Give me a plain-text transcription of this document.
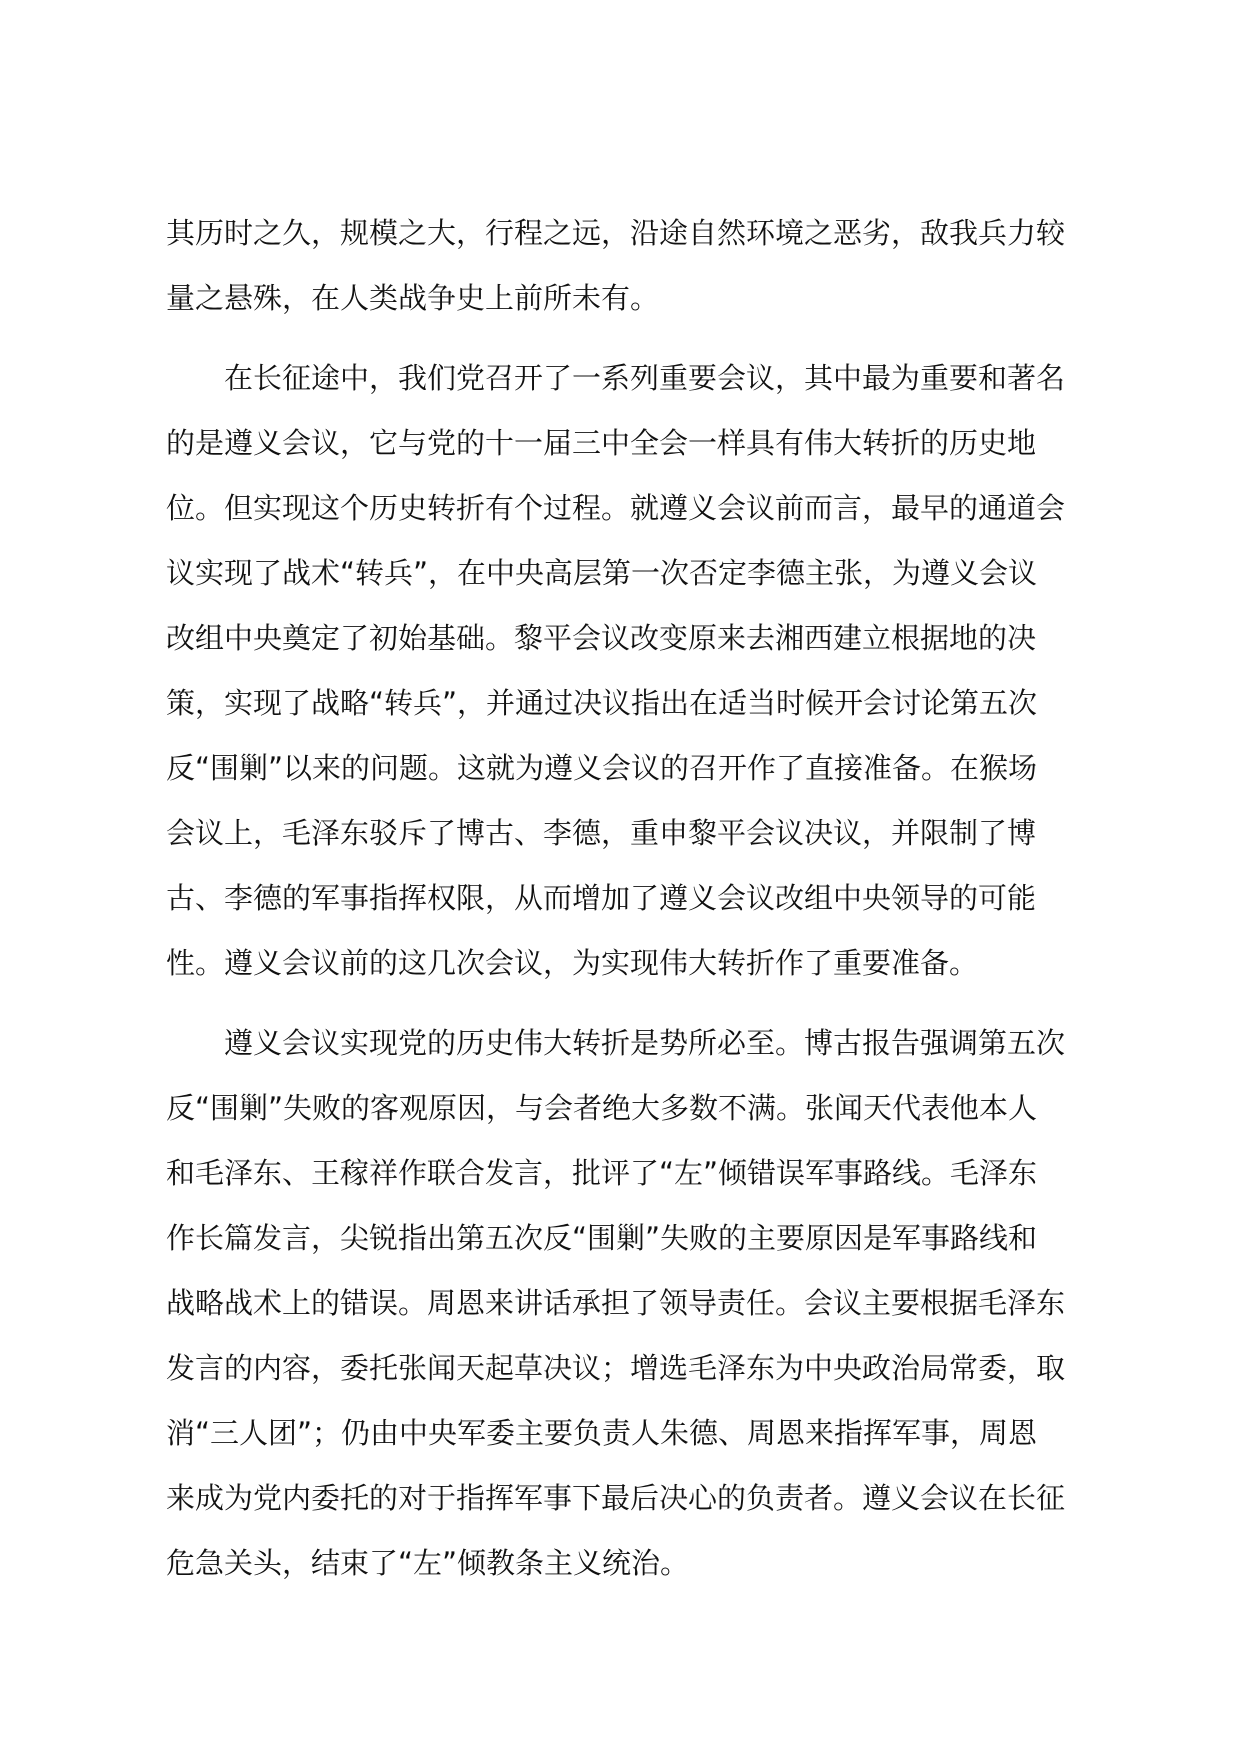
其历时之久，规模之大，行程之远，沿途自然环境之恶劣，敌我兵力较
量之悬殊，在人类战争史上前所未有。
在长征途中，我们党召开了一系列重要会议，其中最为重要和著名
的是遵义会议，它与党的十一届三中全会一样具有伟大转折的历史地
位。但实现这个历史转折有个过程。就遵义会议前而言，最早的通道会
议实现了战术“转兵”，在中央高层第一次否定李德主张，为遵义会议
改组中央奠定了初始基础。黎平会议改变原来去湘西建立根据地的决
策，实现了战略“转兵”，并通过决议指出在适当时候开会讨论第五次
反“围剿”以来的问题。这就为遵义会议的召开作了直接准备。在猴场
会议上，毛泽东驳斥了博古、李德，重申黎平会议决议，并限制了博
古、李德的军事指挥权限，从而增加了遵义会议改组中央领导的可能
性。遵义会议前的这几次会议，为实现伟大转折作了重要准备。
遵义会议实现党的历史伟大转折是势所必至。博古报告强调第五次
反“围剿”失败的客观原因，与会者绝大多数不满。张闻天代表他本人
和毛泽东、王稼祥作联合发言，批评了“左”倾错误军事路线。毛泽东
作长篇发言，尖锐指出第五次反“围剿”失败的主要原因是军事路线和
战略战术上的错误。周恩来讲话承担了领导责任。会议主要根据毛泽东
发言的内容，委托张闻天起草决议；增选毛泽东为中央政治局常委，取
消“三人团”；仍由中央军委主要负责人朱德、周恩来指挥军事，周恩
来成为党内委托的对于指挥军事下最后决心的负责者。遵义会议在长征
危急关头，结束了“左”倾教条主义统治。
